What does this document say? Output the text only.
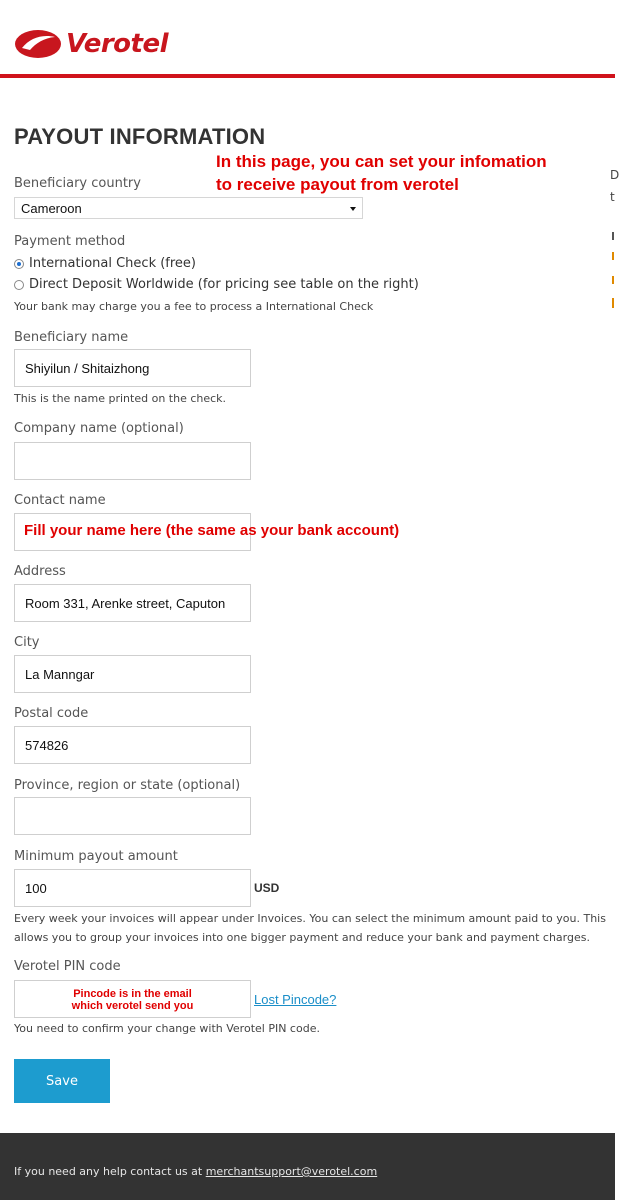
Verotel
PAYOUT INFORMATION
In this page, you can set your infomation
to receive payout from verotel	D
t
Beneficiary country
Cameroon
Payment method
International Check (free)
Direct Deposit Worldwide (for pricing see table on the right)
Your bank may charge you a fee to process a International Check
Beneficiary name
Shiyilun / Shitaizhong
This is the name printed on the check.
Company name (optional)
Contact name
Fill your name here (the same as your bank account)
Address
Room 331, Arenke street, Caputon
City
La Manngar
Postal code
574826
Province, region or state (optional)
Minimum payout amount
100	USD
Every week your invoices will appear under Invoices. You can select the minimum amount paid to you. This
allows you to group your invoices into one bigger payment and reduce your bank and payment charges.
Verotel PIN code
Pincode is in the email
which verotel send you	Lost Pincode?
You need to confirm your change with Verotel PIN code.
Save
If you need any help contact us at merchantsupport@verotel.com
